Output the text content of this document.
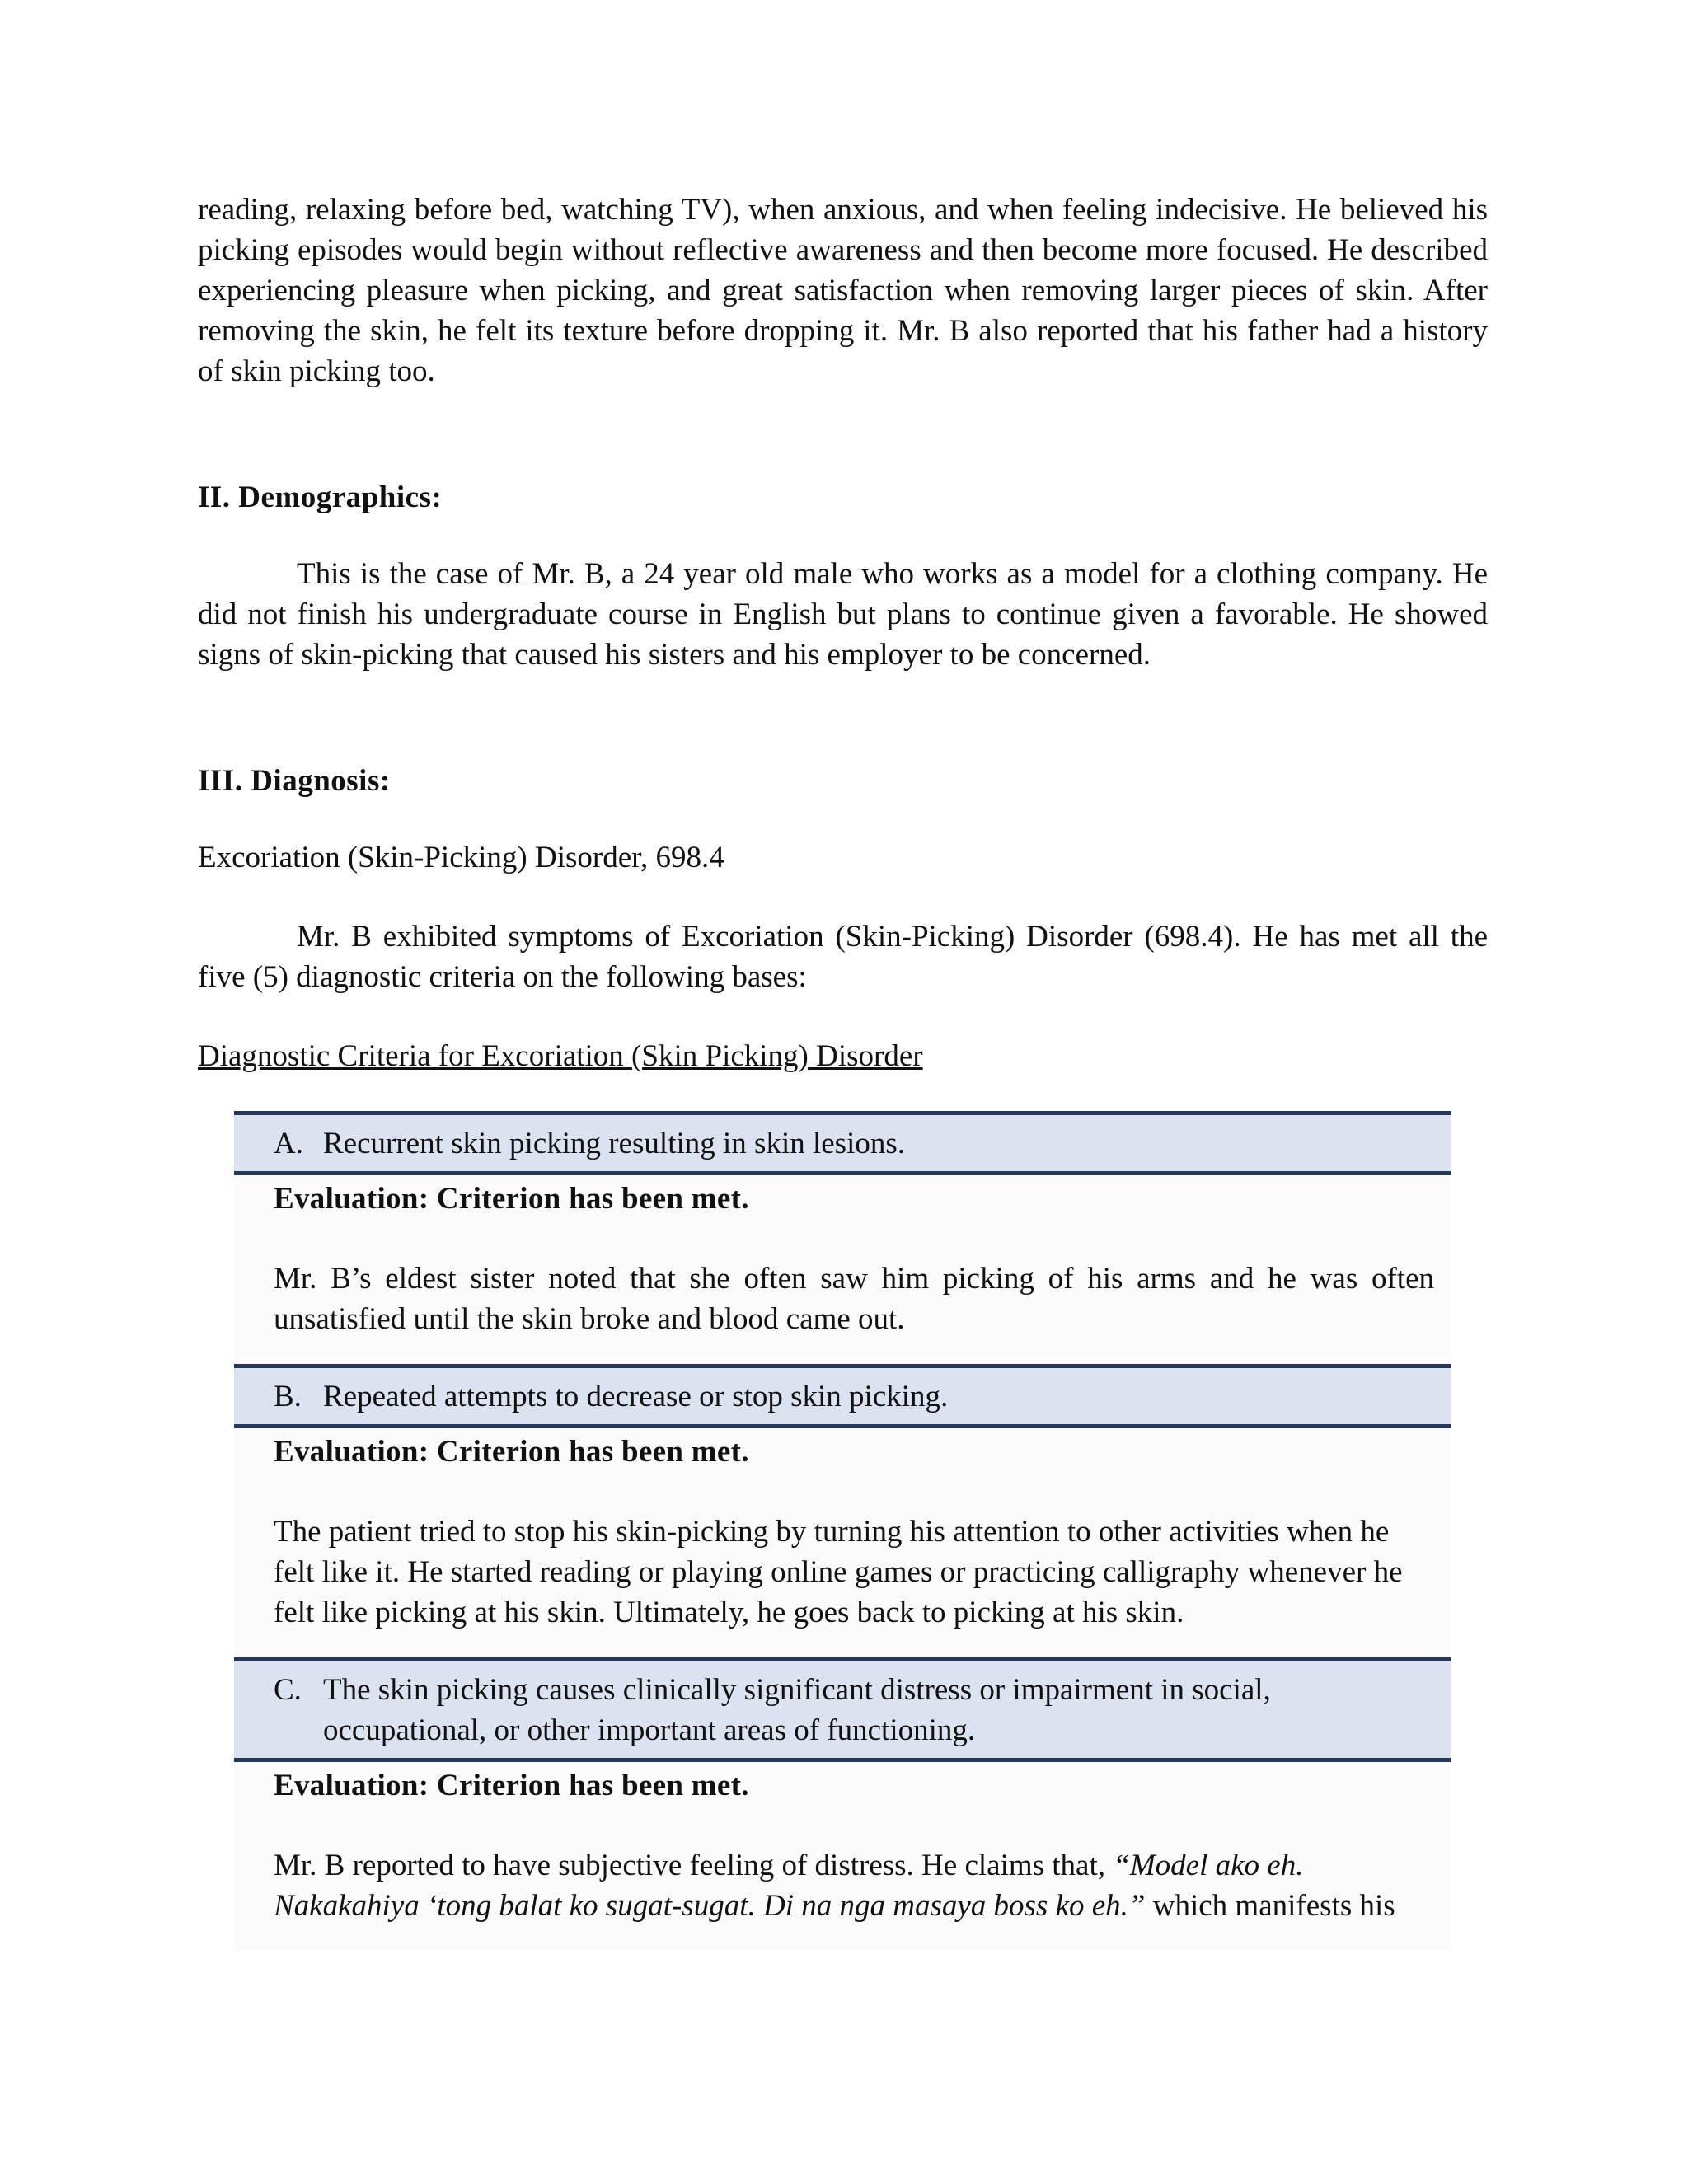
reading, relaxing before bed, watching TV), when anxious, and when feeling indecisive. He believed his picking episodes would begin without reflective awareness and then become more focused. He described experiencing pleasure when picking, and great satisfaction when removing larger pieces of skin. After removing the skin, he felt its texture before dropping it. Mr. B also reported that his father had a history of skin picking too.

II. Demographics:

This is the case of Mr. B, a 24 year old male who works as a model for a clothing company. He did not finish his undergraduate course in English but plans to continue given a favorable. He showed signs of skin-picking that caused his sisters and his employer to be concerned.

III. Diagnosis:

Excoriation (Skin-Picking) Disorder, 698.4

Mr. B exhibited symptoms of Excoriation (Skin-Picking) Disorder (698.4). He has met all the five (5) diagnostic criteria on the following bases:

Diagnostic Criteria for Excoriation (Skin Picking) Disorder

A. Recurrent skin picking resulting in skin lesions.

Evaluation: Criterion has been met.

Mr. B’s eldest sister noted that she often saw him picking of his arms and he was often unsatisfied until the skin broke and blood came out.

B. Repeated attempts to decrease or stop skin picking.

Evaluation: Criterion has been met.

The patient tried to stop his skin-picking by turning his attention to other activities when he felt like it. He started reading or playing online games or practicing calligraphy whenever he felt like picking at his skin. Ultimately, he goes back to picking at his skin.

C. The skin picking causes clinically significant distress or impairment in social, occupational, or other important areas of functioning.

Evaluation: Criterion has been met.

Mr. B reported to have subjective feeling of distress. He claims that, “Model ako eh. Nakakahiya ‘tong balat ko sugat-sugat. Di na nga masaya boss ko eh.” which manifests his
